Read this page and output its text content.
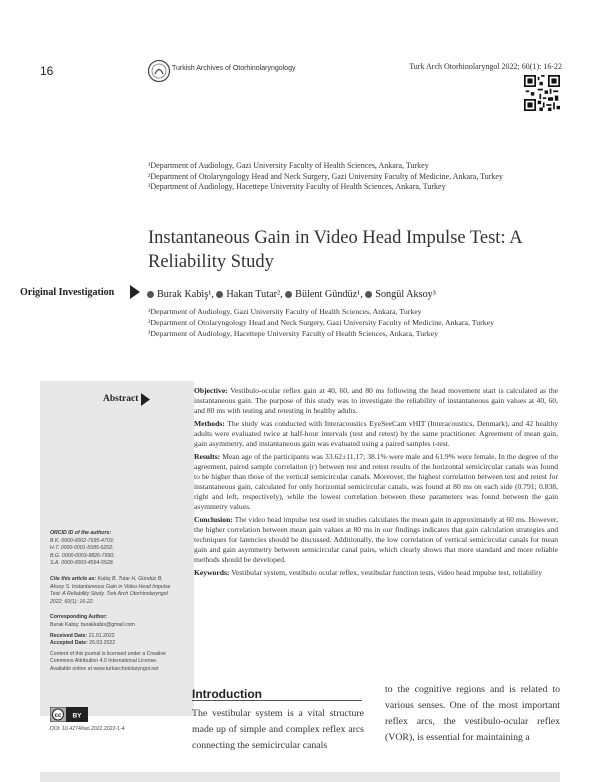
16	Turkish Archives of Otorhinolaryngology	Turk Arch Otorhinolaryngol 2022; 60(1): 16-22
¹Department of Audiology, Gazi University Faculty of Health Sciences, Ankara, Turkey
²Department of Otolaryngology Head and Neck Surgery, Gazi University Faculty of Medicine, Ankara, Turkey
³Department of Audiology, Hacettepe University Faculty of Health Sciences, Ankara, Turkey
Instantaneous Gain in Video Head Impulse Test: A Reliability Study
Original Investigation	Burak Kabiş¹, Hakan Tutar², Bülent Gündüz¹, Songül Aksoy³
¹Department of Audiology, Gazi University Faculty of Health Sciences, Ankara, Turkey
²Department of Otolaryngology Head and Neck Surgery, Gazi University Faculty of Medicine, Ankara, Turkey
³Department of Audiology, Hacettepe University Faculty of Health Sciences, Ankara, Turkey
Abstract

Objective: Vestibulo-ocular reflex gain at 40, 60, and 80 ms following the head movement start is calculated as the instantaneous gain. The purpose of this study was to investigate the reliability of instantaneous gain values at 40, 60, and 80 ms with testing and retesting in healthy adults.

Methods: The study was conducted with Interacoustics EyeSeeCam vHIT (Interacoustics, Denmark), and 42 healthy adults were evaluated twice at half-hour intervals (test and retest) by the same practitioner. Agreement of mean gain, gain asymmetry, and instantaneous gain was evaluated using a paired samples t-test.

Results: Mean age of the participants was 33.62±11.17; 38.1% were male and 61.9% were female. In the degree of the agreement, paired sample correlation (r) between test and retest results of the horizontal semicircular canals was found to be higher than those of the vertical semicircular canals. Moreover, the highest correlation between test and retest for instantaneous gain, calculated for only horizontal semicircular canals, was found at 80 ms on each side (0.791; 0.838, right and left, respectively), while the lowest correlation between these parameters was found between the gain asymmetry values.

Conclusion: The video head impulse test used in studies calculates the mean gain in approximately at 60 ms. However, the higher correlation between mean gain values at 80 ms in our findings indicates that gain calculation strategies and techniques for latencies should be discussed. Additionally, the low correlation of vertical semicircular canals for mean gain and gain asymmetry between semicircular canal pairs, which clearly shows that more standard and more reliable methods should be developed.

Keywords: Vestibular system, vestibulo ocular reflex, vestibular function tests, video head impulse test, reliability

ORCID ID of the authors:
B.K. 0000-0002-7695-4703;
H.T. 0000-0001-5585-5202;
B.G. 0000-0003-9826-7990;
S.A. 0000-0003-4554-5528.
Cite this article as: Kabiş B, Tutar H, Gündüz B, Aksoy S. Instantaneous Gain in Video Head Impulse Test: A Reliability Study. Turk Arch Otorhinolaryngol 2022; 60(1): 16-22.
Corresponding Author:
Burak Kabiş; burakkabis@gmail.com
Received Date: 21.01.2022
Accepted Date: 26.03.2022
Content of this journal is licensed under a Creative Commons Attribution 4.0 International License. Available online at www.turkarchotolaryngol.net
cc BY
DOI: 10.4274/tao.2022.2022-1-4
Introduction
The vestibular system is a vital structure made up of simple and complex reflex arcs connecting the semicircular canals
to the cognitive regions and is related to various senses. One of the most important reflex arcs, the vestibulo-ocular reflex (VOR), is essential for maintaining a
